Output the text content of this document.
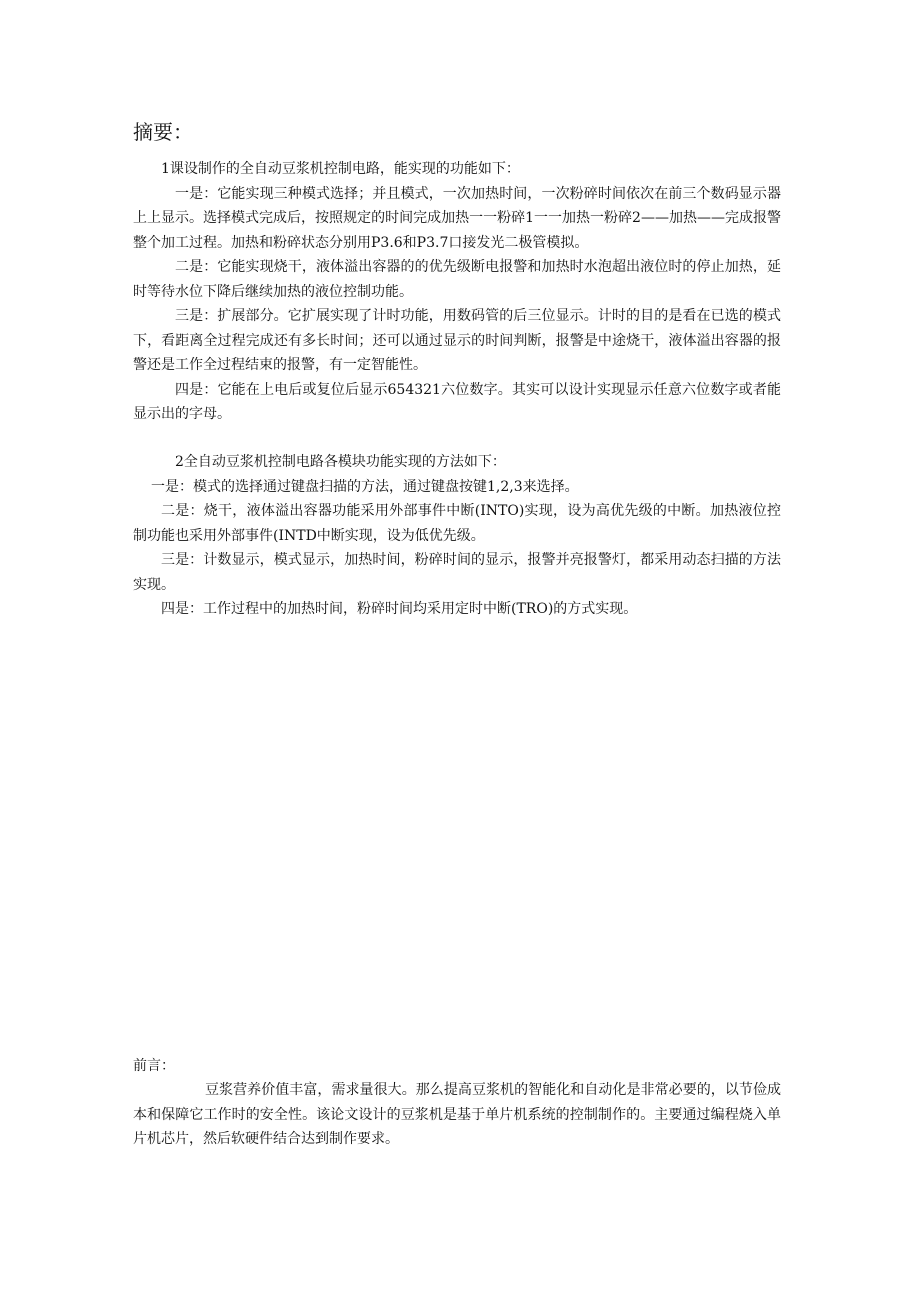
摘要：

1课设制作的全自动豆浆机控制电路，能实现的功能如下：

一是：它能实现三种模式选择；并且模式，一次加热时间，一次粉碎时间依次在前三个数码显示器上上显示。选择模式完成后，按照规定的时间完成加热一一粉碎1一一加热一粉碎2——加热——完成报警整个加工过程。加热和粉碎状态分别用P3.6和P3.7口接发光二极管模拟。

二是：它能实现烧干，液体溢出容器的的优先级断电报警和加热时水泡超出液位时的停止加热，延时等待水位下降后继续加热的液位控制功能。

三是：扩展部分。它扩展实现了计时功能，用数码管的后三位显示。计时的目的是看在已选的模式下，看距离全过程完成还有多长时间；还可以通过显示的时间判断，报警是中途烧干，液体溢出容器的报警还是工作全过程结束的报警，有一定智能性。

四是：它能在上电后或复位后显示654321六位数字。其实可以设计实现显示任意六位数字或者能显示出的字母。

2全自动豆浆机控制电路各模块功能实现的方法如下：

一是：模式的选择通过键盘扫描的方法，通过键盘按键1,2,3来选择。

二是：烧干，液体溢出容器功能采用外部事件中断(INTO)实现，设为高优先级的中断。加热液位控制功能也采用外部事件(INTD中断实现，设为低优先级。

三是：计数显示，模式显示，加热时间，粉碎时间的显示，报警并亮报警灯，都采用动态扫描的方法实现。

四是：工作过程中的加热时间，粉碎时间均采用定时中断(TRO)的方式实现。

前言：

豆浆营养价值丰富，需求量很大。那么提高豆浆机的智能化和自动化是非常必要的，以节俭成本和保障它工作时的安全性。该论文设计的豆浆机是基于单片机系统的控制制作的。主要通过编程烧入单片机芯片，然后软硬件结合达到制作要求。
